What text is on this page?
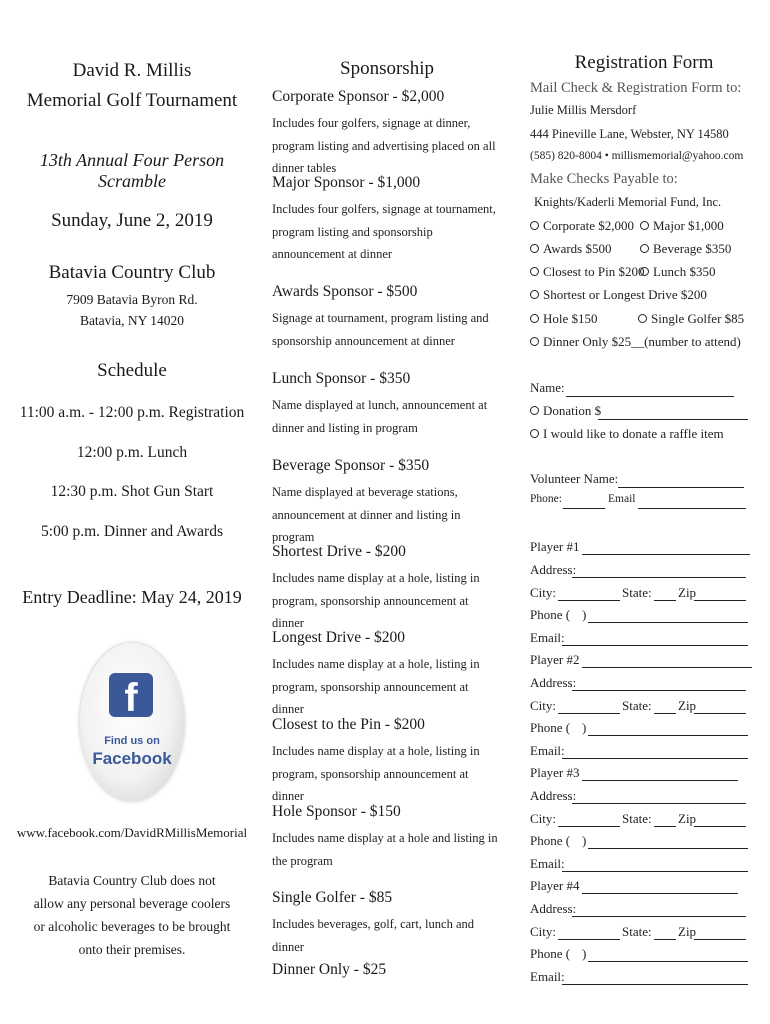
David R. Millis
Memorial Golf Tournament
13th Annual Four Person Scramble
Sunday, June 2, 2019
Batavia Country Club
7909 Batavia Byron Rd.
Batavia, NY 14020
Schedule
11:00 a.m. - 12:00 p.m. Registration
12:00 p.m. Lunch
12:30 p.m. Shot Gun Start
5:00 p.m. Dinner and Awards
Entry Deadline: May 24, 2019
f
Find us on
Facebook
www.facebook.com/DavidRMillisMemorial
Batavia Country Club does not
allow any personal beverage coolers
or alcoholic beverages to be brought
onto their premises.
Sponsorship
Corporate Sponsor - $2,000
Includes four golfers, signage at dinner, program listing and advertising placed on all dinner tables
Major Sponsor - $1,000
Includes four golfers, signage at tournament, program listing and sponsorship announcement at dinner
Awards Sponsor - $500
Signage at tournament, program listing and sponsorship announcement at dinner
Lunch Sponsor - $350
Name displayed at lunch, announcement at dinner and listing in program
Beverage Sponsor - $350
Name displayed at beverage stations, announcement at dinner and listing in program
Shortest Drive - $200
Includes name display at a hole, listing in program, sponsorship announcement at dinner
Longest Drive - $200
Includes name display at a hole, listing in program, sponsorship announcement at dinner
Closest to the Pin - $200
Includes name display at a hole, listing in program, sponsorship announcement at dinner
Hole Sponsor - $150
Includes name display at a hole and listing in the program
Single Golfer - $85
Includes beverages, golf, cart, lunch and dinner
Dinner Only - $25
Registration Form
Mail Check & Registration Form to:
Julie Millis Mersdorf
444 Pineville Lane, Webster, NY 14580
(585) 820-8004 • millismemorial@yahoo.com
Make Checks Payable to:
Knights/Kaderli Memorial Fund, Inc.
Corporate $2,000	Major $1,000
Awards $500	Beverage $350
Closest to Pin $200 Lunch $350
Shortest or Longest Drive $200
Hole $150	Single Golfer $85
Dinner Only $25__(number to attend)
Name:
Donation $
I would like to donate a raffle item
Volunteer Name:
Phone:	Email
Player #1
Address:
City:	State: Zip
Phone ( )
Email:
Player #2
Address:
City:	State: Zip
Phone ( )
Email:
Player #3
Address:
City:	State: Zip
Phone ( )
Email:
Player #4
Address:
City:	State: Zip
Phone ( )
Email:
